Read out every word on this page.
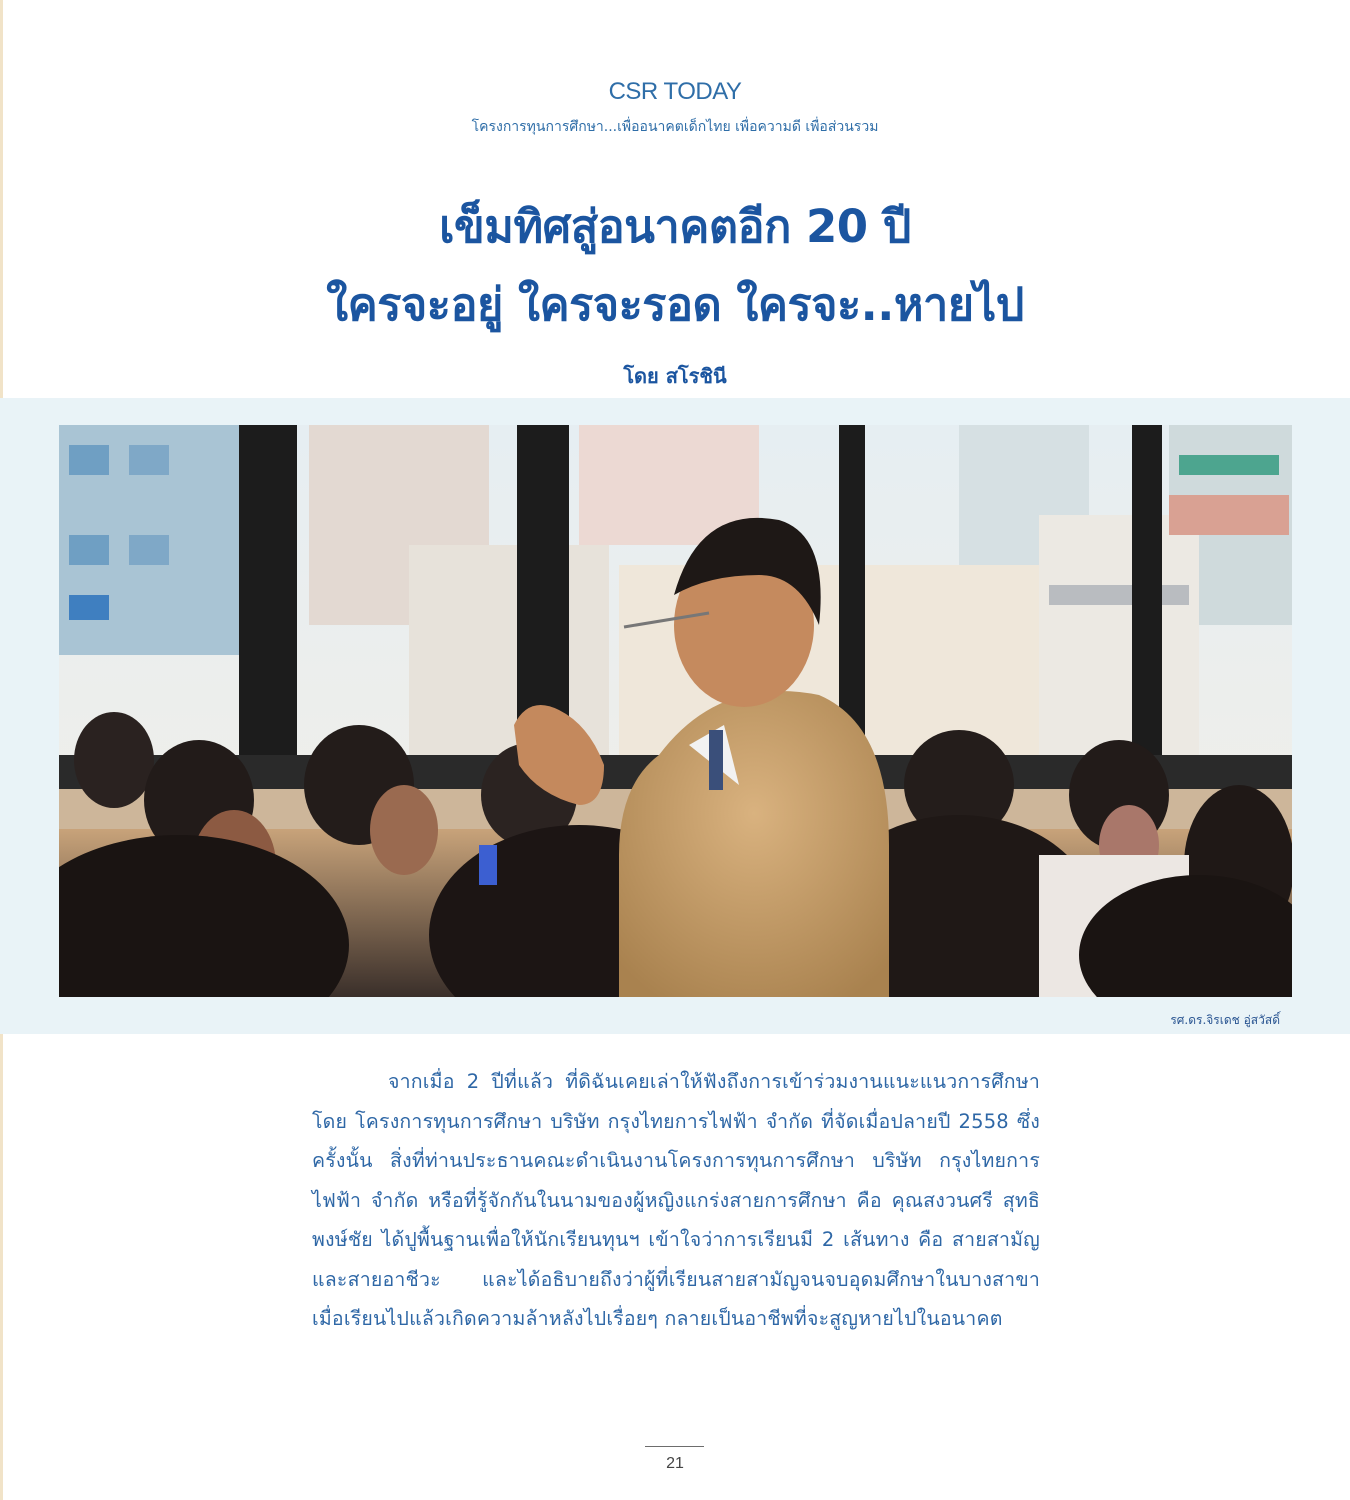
CSR TODAY
โครงการทุนการศึกษา...เพื่ออนาคตเด็กไทย เพื่อความดี เพื่อส่วนรวม
เข็มทิศสู่อนาคตอีก 20 ปี
ใครจะอยู่ ใครจะรอด ใครจะ..หายไป
โดย สโรชินี
รศ.ดร.จิรเดช อู่สวัสดิ์
จากเมื่อ 2 ปีที่แล้ว ที่ดิฉันเคยเล่าให้ฟังถึงการเข้าร่วมงานแนะแนวการศึกษาโดย โครงการทุนการศึกษา บริษัท กรุงไทยการไฟฟ้า จำกัด ที่จัดเมื่อปลายปี 2558 ซึ่งครั้งนั้น สิ่งที่ท่านประธานคณะดำเนินงานโครงการทุนการศึกษา บริษัท กรุงไทยการไฟฟ้า จำกัด หรือที่รู้จักกันในนามของผู้หญิงแกร่งสายการศึกษา คือ คุณสงวนศรี สุทธิพงษ์ชัย ได้ปูพื้นฐานเพื่อให้นักเรียนทุนฯ เข้าใจว่าการเรียนมี 2 เส้นทาง คือ สายสามัญและสายอาชีวะ และได้อธิบายถึงว่าผู้ที่เรียนสายสามัญจนจบอุดมศึกษาในบางสาขา เมื่อเรียนไปแล้วเกิดความล้าหลังไปเรื่อยๆ กลายเป็นอาชีพที่จะสูญหายไปในอนาคต
21
